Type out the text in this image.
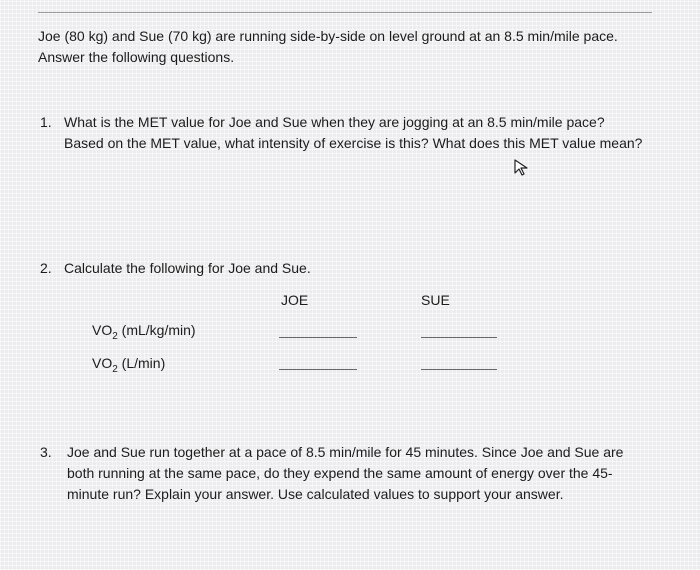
Joe (80 kg) and Sue (70 kg) are running side-by-side on level ground at an 8.5 min/mile pace.
Answer the following questions.
1. What is the MET value for Joe and Sue when they are jogging at an 8.5 min/mile pace?
Based on the MET value, what intensity of exercise is this? What does this MET value mean?
2. Calculate the following for Joe and Sue.
JOE	SUE
$VO_2$ (mL/kg/min)
$VO_2$ (L/min)
3. Joe and Sue run together at a pace of 8.5 min/mile for 45 minutes. Since Joe and Sue are
both running at the same pace, do they expend the same amount of energy over the 45-
minute run? Explain your answer. Use calculated values to support your answer.
